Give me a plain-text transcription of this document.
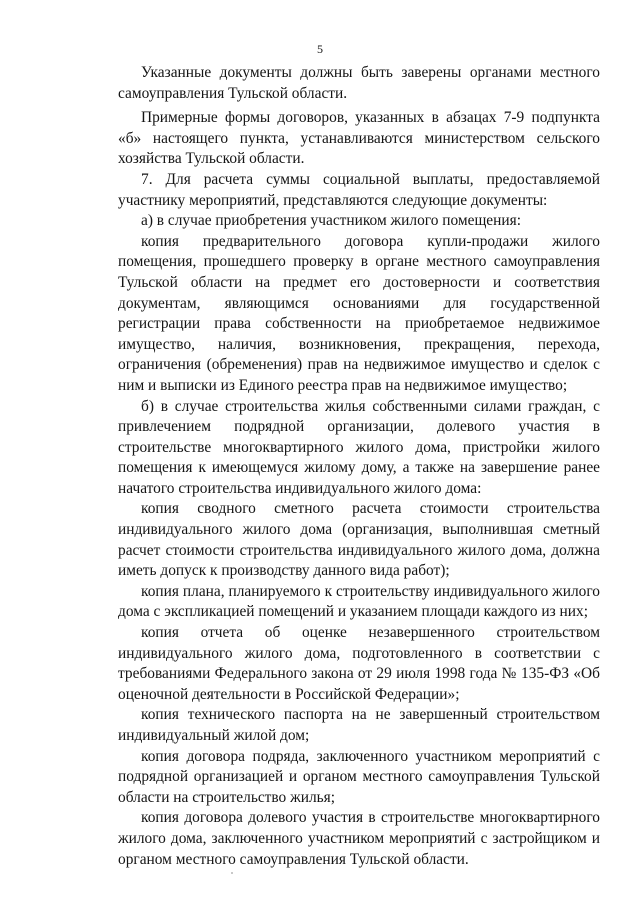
5

Указанные документы должны быть заверены органами местного самоуправления Тульской области.

Примерные формы договоров, указанных в абзацах 7-9 подпункта «б» настоящего пункта, устанавливаются министерством сельского хозяйства Тульской области.

7. Для расчета суммы социальной выплаты, предоставляемой участнику мероприятий, представляются следующие документы:

а) в случае приобретения участником жилого помещения:

копия предварительного договора купли-продажи жилого помещения, прошедшего проверку в органе местного самоуправления Тульской области на предмет его достоверности и соответствия документам, являющимся основаниями для государственной регистрации права собственности на приобретаемое недвижимое имущество, наличия, возникновения, прекращения, перехода, ограничения (обременения) прав на недвижимое имущество и сделок с ним и выписки из Единого реестра прав на недвижимое имущество;

б) в случае строительства жилья собственными силами граждан, с привлечением подрядной организации, долевого участия в строительстве многоквартирного жилого дома, пристройки жилого помещения к имеющемуся жилому дому, а также на завершение ранее начатого строительства индивидуального жилого дома:

копия сводного сметного расчета стоимости строительства индивидуального жилого дома (организация, выполнившая сметный расчет стоимости строительства индивидуального жилого дома, должна иметь допуск к производству данного вида работ);

копия плана, планируемого к строительству индивидуального жилого дома с экспликацией помещений и указанием площади каждого из них;

копия отчета об оценке незавершенного строительством индивидуального жилого дома, подготовленного в соответствии с требованиями Федерального закона от 29 июля 1998 года № 135-ФЗ «Об оценочной деятельности в Российской Федерации»;

копия технического паспорта на не завершенный строительством индивидуальный жилой дом;

копия договора подряда, заключенного участником мероприятий с подрядной организацией и органом местного самоуправления Тульской области на строительство жилья;

копия договора долевого участия в строительстве многоквартирного жилого дома, заключенного участником мероприятий с застройщиком и органом местного самоуправления Тульской области.
